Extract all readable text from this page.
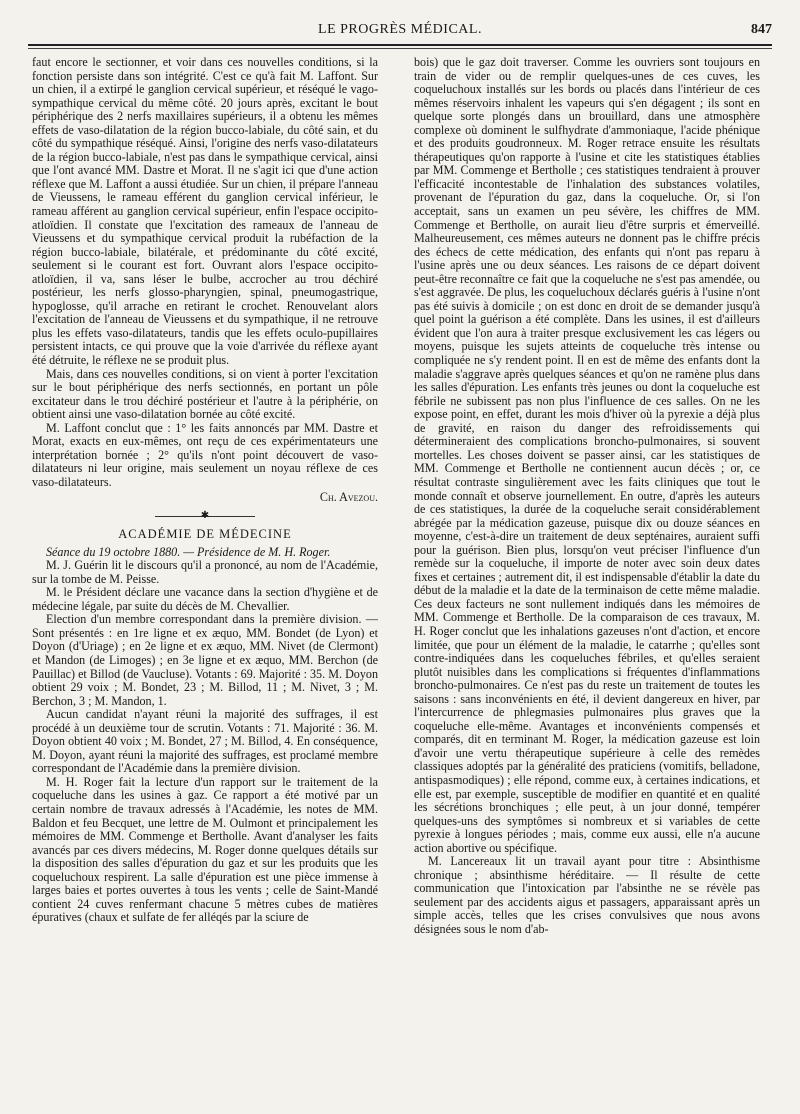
LE PROGRÈS MÉDICAL.	847

faut encore le sectionner, et voir dans ces nouvelles conditions, si la fonction persiste dans son intégrité. C'est ce qu'à fait M. Laffont. Sur un chien, il a extirpé le ganglion cervical supérieur, et réséqué le vago-sympathique cervical du même côté. 20 jours après, excitant le bout périphérique des 2 nerfs maxillaires supérieurs, il a obtenu les mêmes effets de vaso-dilatation de la région bucco-labiale, du côté sain, et du côté du sympathique réséqué. Ainsi, l'origine des nerfs vaso-dilatateurs de la région bucco-labiale, n'est pas dans le sympathique cervical, ainsi que l'ont avancé MM. Dastre et Morat. Il ne s'agit ici que d'une action réflexe que M. Laffont a aussi étudiée. Sur un chien, il prépare l'anneau de Vieussens, le rameau efférent du ganglion cervical inférieur, le rameau afférent au ganglion cervical supérieur, enfin l'espace occipito-atloïdien. Il constate que l'excitation des rameaux de l'anneau de Vieussens et du sympathique cervical produit la rubéfaction de la région bucco-labiale, bilatérale, et prédominante du côté excité, seulement si le courant est fort. Ouvrant alors l'espace occipito-atloïdien, il va, sans léser le bulbe, accrocher au trou déchiré postérieur, les nerfs glosso-pharyngien, spinal, pneumogastrique, hypoglosse, qu'il arrache en retirant le crochet. Renouvelant alors l'excitation de l'anneau de Vieussens et du sympathique, il ne retrouve plus les effets vaso-dilatateurs, tandis que les effets oculo-pupillaires persistent intacts, ce qui prouve que la voie d'arrivée du réflexe ayant été détruite, le réflexe ne se produit plus.

Mais, dans ces nouvelles conditions, si on vient à porter l'excitation sur le bout périphérique des nerfs sectionnés, en portant un pôle excitateur dans le trou déchiré postérieur et l'autre à la périphérie, on obtient ainsi une vaso-dilatation bornée au côté excité.

M. Laffont conclut que : 1° les faits annoncés par MM. Dastre et Morat, exacts en eux-mêmes, ont reçu de ces expérimentateurs une interprétation bornée ; 2° qu'ils n'ont point découvert de vaso-dilatateurs ni leur origine, mais seulement un noyau réflexe de ces vaso-dilatateurs.

Ch. Avezou.
✱
ACADÉMIE DE MÉDECINE

Séance du 19 octobre 1880. — Présidence de M. H. Roger.

M. J. Guérin lit le discours qu'il a prononcé, au nom de l'Académie, sur la tombe de M. Peisse.

M. le Président déclare une vacance dans la section d'hygiène et de médecine légale, par suite du décès de M. Chevallier.

Election d'un membre correspondant dans la première division. — Sont présentés : en 1re ligne et ex æquo, MM. Bondet (de Lyon) et Doyon (d'Uriage) ; en 2e ligne et ex æquo, MM. Nivet (de Clermont) et Mandon (de Limoges) ; en 3e ligne et ex æquo, MM. Berchon (de Pauillac) et Billod (de Vaucluse). Votants : 69. Majorité : 35. M. Doyon obtient 29 voix ; M. Bondet, 23 ; M. Billod, 11 ; M. Nivet, 3 ; M. Berchon, 3 ; M. Mandon, 1.

Aucun candidat n'ayant réuni la majorité des suffrages, il est procédé à un deuxième tour de scrutin. Votants : 71. Majorité : 36. M. Doyon obtient 40 voix ; M. Bondet, 27 ; M. Billod, 4. En conséquence, M. Doyon, ayant réuni la majorité des suffrages, est proclamé membre correspondant de l'Académie dans la première division.

M. H. Roger fait la lecture d'un rapport sur le traitement de la coqueluche dans les usines à gaz. Ce rapport a été motivé par un certain nombre de travaux adressés à l'Académie, les notes de MM. Baldon et feu Becquet, une lettre de M. Oulmont et principalement les mémoires de MM. Commenge et Bertholle. Avant d'analyser les faits avancés par ces divers médecins, M. Roger donne quelques détails sur la disposition des salles d'épuration du gaz et sur les produits que les coqueluchoux respirent. La salle d'épuration est une pièce immense à larges baies et portes ouvertes à tous les vents ; celle de Saint-Mandé contient 24 cuves renfermant chacune 5 mètres cubes de matières épuratives (chaux et sulfate de fer alléqés par la sciure de

bois) que le gaz doit traverser. Comme les ouvriers sont toujours en train de vider ou de remplir quelques-unes de ces cuves, les coqueluchoux installés sur les bords ou placés dans l'intérieur de ces mêmes réservoirs inhalent les vapeurs qui s'en dégagent ; ils sont en quelque sorte plongés dans un brouillard, dans une atmosphère complexe où dominent le sulfhydrate d'ammoniaque, l'acide phénique et des produits goudronneux. M. Roger retrace ensuite les résultats thérapeutiques qu'on rapporte à l'usine et cite les statistiques établies par MM. Commenge et Bertholle ; ces statistiques tendraient à prouver l'efficacité incontestable de l'inhalation des substances volatiles, provenant de l'épuration du gaz, dans la coqueluche. Or, si l'on acceptait, sans un examen un peu sévère, les chiffres de MM. Commenge et Bertholle, on aurait lieu d'être surpris et émerveillé. Malheureusement, ces mêmes auteurs ne donnent pas le chiffre précis des échecs de cette médication, des enfants qui n'ont pas reparu à l'usine après une ou deux séances. Les raisons de ce départ doivent peut-être reconnaître ce fait que la coqueluche ne s'est pas amendée, ou s'est aggravée. De plus, les coqueluchoux déclarés guéris à l'usine n'ont pas été suivis à domicile ; on est donc en droit de se demander jusqu'à quel point la guérison a été complète. Dans les usines, il est d'ailleurs évident que l'on aura à traiter presque exclusivement les cas légers ou moyens, puisque les sujets atteints de coqueluche très intense ou compliquée ne s'y rendent point. Il en est de même des enfants dont la maladie s'aggrave après quelques séances et qu'on ne ramène plus dans les salles d'épuration. Les enfants très jeunes ou dont la coqueluche est fébrile ne subissent pas non plus l'influence de ces salles. On ne les expose point, en effet, durant les mois d'hiver où la pyrexie a déjà plus de gravité, en raison du danger des refroidissements qui détermineraient des complications broncho-pulmonaires, si souvent mortelles. Les choses doivent se passer ainsi, car les statistiques de MM. Commenge et Bertholle ne contiennent aucun décès ; or, ce résultat contraste singulièrement avec les faits cliniques que tout le monde connaît et observe journellement. En outre, d'après les auteurs de ces statistiques, la durée de la coqueluche serait considérablement abrégée par la médication gazeuse, puisque dix ou douze séances en moyenne, c'est-à-dire un traitement de deux septénaires, auraient suffi pour la guérison. Bien plus, lorsqu'on veut préciser l'influence d'un remède sur la coqueluche, il importe de noter avec soin deux dates fixes et certaines ; autrement dit, il est indispensable d'établir la date du début de la maladie et la date de la terminaison de cette même maladie. Ces deux facteurs ne sont nullement indiqués dans les mémoires de MM. Commenge et Bertholle. De la comparaison de ces travaux, M. H. Roger conclut que les inhalations gazeuses n'ont d'action, et encore limitée, que pour un élément de la maladie, le catarrhe ; qu'elles sont contre-indiquées dans les coqueluches fébriles, et qu'elles seraient plutôt nuisibles dans les complications si fréquentes d'inflammations broncho-pulmonaires. Ce n'est pas du reste un traitement de toutes les saisons : sans inconvénients en été, il devient dangereux en hiver, par l'intercurrence de phlegmasies pulmonaires plus graves que la coqueluche elle-même. Avantages et inconvénients compensés et comparés, dit en terminant M. Roger, la médication gazeuse est loin d'avoir une vertu thérapeutique supérieure à celle des remèdes classiques adoptés par la généralité des praticiens (vomitifs, belladone, antispasmodiques) ; elle répond, comme eux, à certaines indications, et elle est, par exemple, susceptible de modifier en quantité et en qualité les sécrétions bronchiques ; elle peut, à un jour donné, tempérer quelques-uns des symptômes si nombreux et si variables de cette pyrexie à longues périodes ; mais, comme eux aussi, elle n'a aucune action abortive ou spécifique.

M. Lancereaux lit un travail ayant pour titre : Absinthisme chronique ; absinthisme héréditaire. — Il résulte de cette communication que l'intoxication par l'absinthe ne se révèle pas seulement par des accidents aigus et passagers, apparaissant après un simple accès, telles que les crises convulsives que nous avons désignées sous le nom d'ab-
